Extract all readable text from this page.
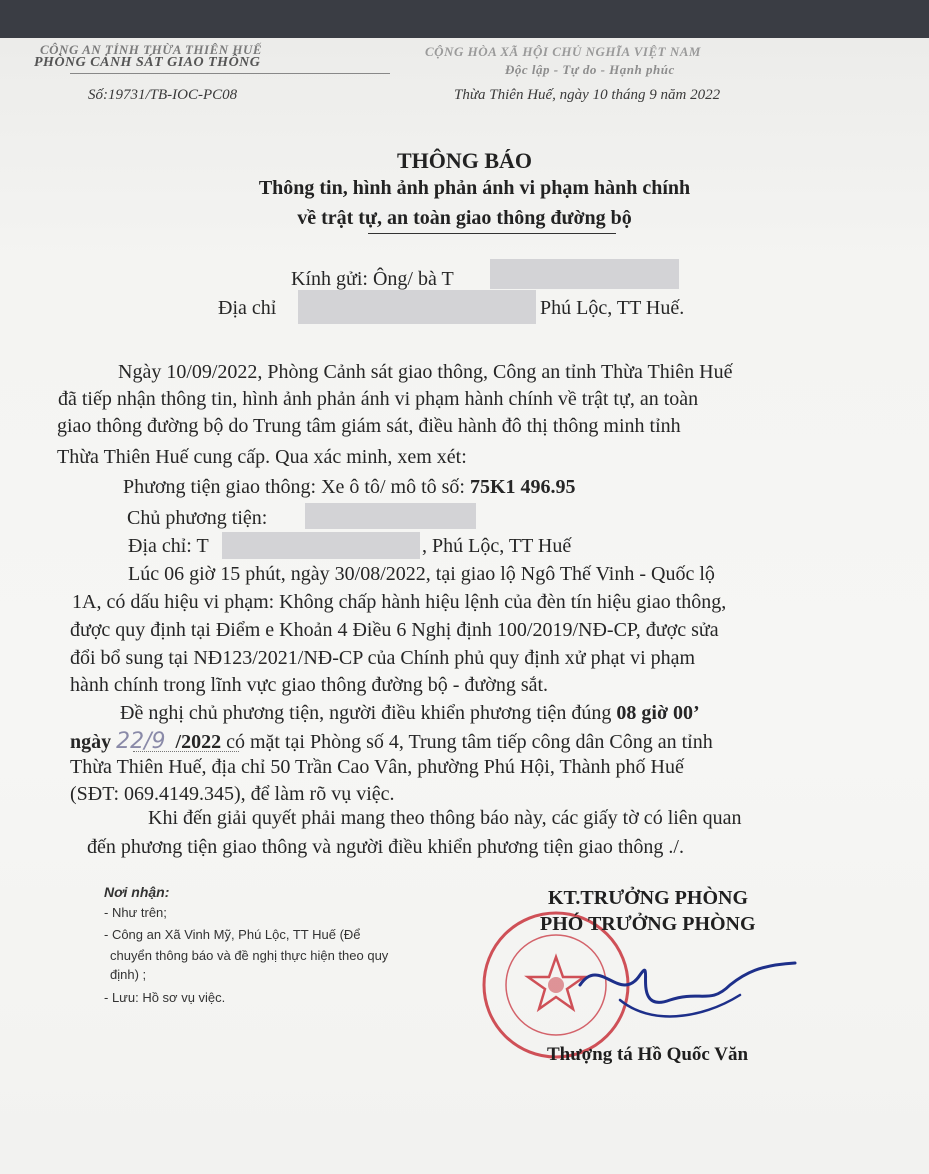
CÔNG AN TỈNH THỪA THIÊN HUẾ
PHÒNG CẢNH SÁT GIAO THÔNG
CỘNG HÒA XÃ HỘI CHỦ NGHĨA VIỆT NAM
Độc lập - Tự do - Hạnh phúc
Số:19731/TB-IOC-PC08	Thừa Thiên Huế, ngày 10 tháng 9 năm 2022
THÔNG BÁO
Thông tin, hình ảnh phản ánh vi phạm hành chính
về trật tự, an toàn giao thông đường bộ
Kính gửi: Ông/ bà T
Địa chỉ	Phú Lộc, TT Huế.
Ngày 10/09/2022, Phòng Cảnh sát giao thông, Công an tỉnh Thừa Thiên Huế
đã tiếp nhận thông tin, hình ảnh phản ánh vi phạm hành chính về trật tự, an toàn
giao thông đường bộ do Trung tâm giám sát, điều hành đô thị thông minh tỉnh
Thừa Thiên Huế cung cấp. Qua xác minh, xem xét:
Phương tiện giao thông: Xe ô tô/ mô tô số: 75K1 496.95
Chủ phương tiện:
Địa chỉ: T	, Phú Lộc, TT Huế
Lúc 06 giờ 15 phút, ngày 30/08/2022, tại giao lộ Ngô Thế Vinh - Quốc lộ
1A, có dấu hiệu vi phạm: Không chấp hành hiệu lệnh của đèn tín hiệu giao thông,
được quy định tại Điểm e Khoản 4 Điều 6 Nghị định 100/2019/NĐ-CP, được sửa
đổi bổ sung tại NĐ123/2021/NĐ-CP của Chính phủ quy định xử phạt vi phạm
hành chính trong lĩnh vực giao thông đường bộ - đường sắt.
Đề nghị chủ phương tiện, người điều khiển phương tiện đúng 08 giờ 00’
ngày 22/9 /2022 có mặt tại Phòng số 4, Trung tâm tiếp công dân Công an tỉnh
Thừa Thiên Huế, địa chỉ 50 Trần Cao Vân, phường Phú Hội, Thành phố Huế
(SĐT: 069.4149.345), để làm rõ vụ việc.
Khi đến giải quyết phải mang theo thông báo này, các giấy tờ có liên quan
đến phương tiện giao thông và người điều khiển phương tiện giao thông ./.
Nơi nhận:
- Như trên;
- Công an Xã Vinh Mỹ, Phú Lộc, TT Huế (Để
chuyển thông báo và đề nghị thực hiện theo quy
định) ;
- Lưu: Hồ sơ vụ việc.
KT.TRƯỞNG PHÒNG
PHÓ TRƯỞNG PHÒNG
Thượng tá Hồ Quốc Văn
